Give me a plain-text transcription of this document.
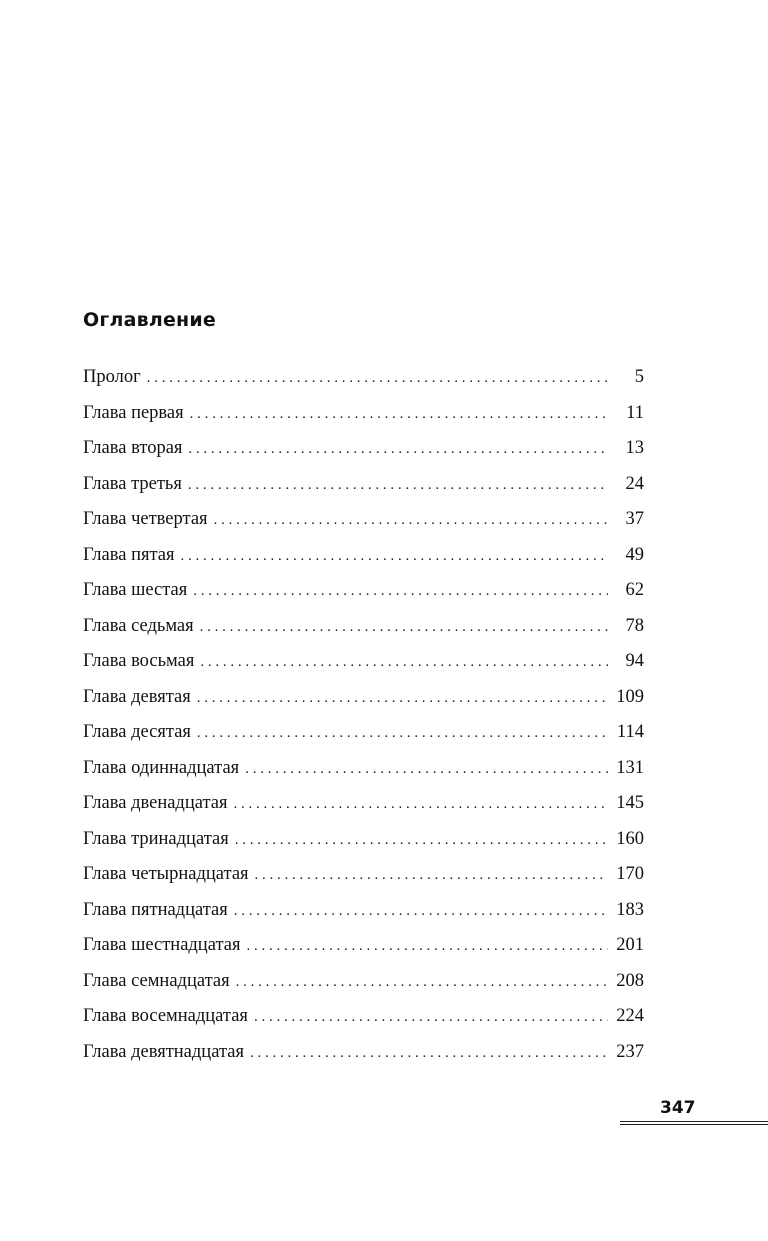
Оглавление
Пролог . . .	5
Глава первая . . .	11
Глава вторая . . .	13
Глава третья . . .	24
Глава четвертая . . .	37
Глава пятая . . .	49
Глава шестая . . .	62
Глава седьмая . . .	78
Глава восьмая . . .	94
Глава девятая . . .	109
Глава десятая . . .	114
Глава одиннадцатая . . .	131
Глава двенадцатая . . .	145
Глава тринадцатая . . .	160
Глава четырнадцатая . . .	170
Глава пятнадцатая . . .	183
Глава шестнадцатая . . .	201
Глава семнадцатая . . .	208
Глава восемнадцатая . . .	224
Глава девятнадцатая . . .	237
347
